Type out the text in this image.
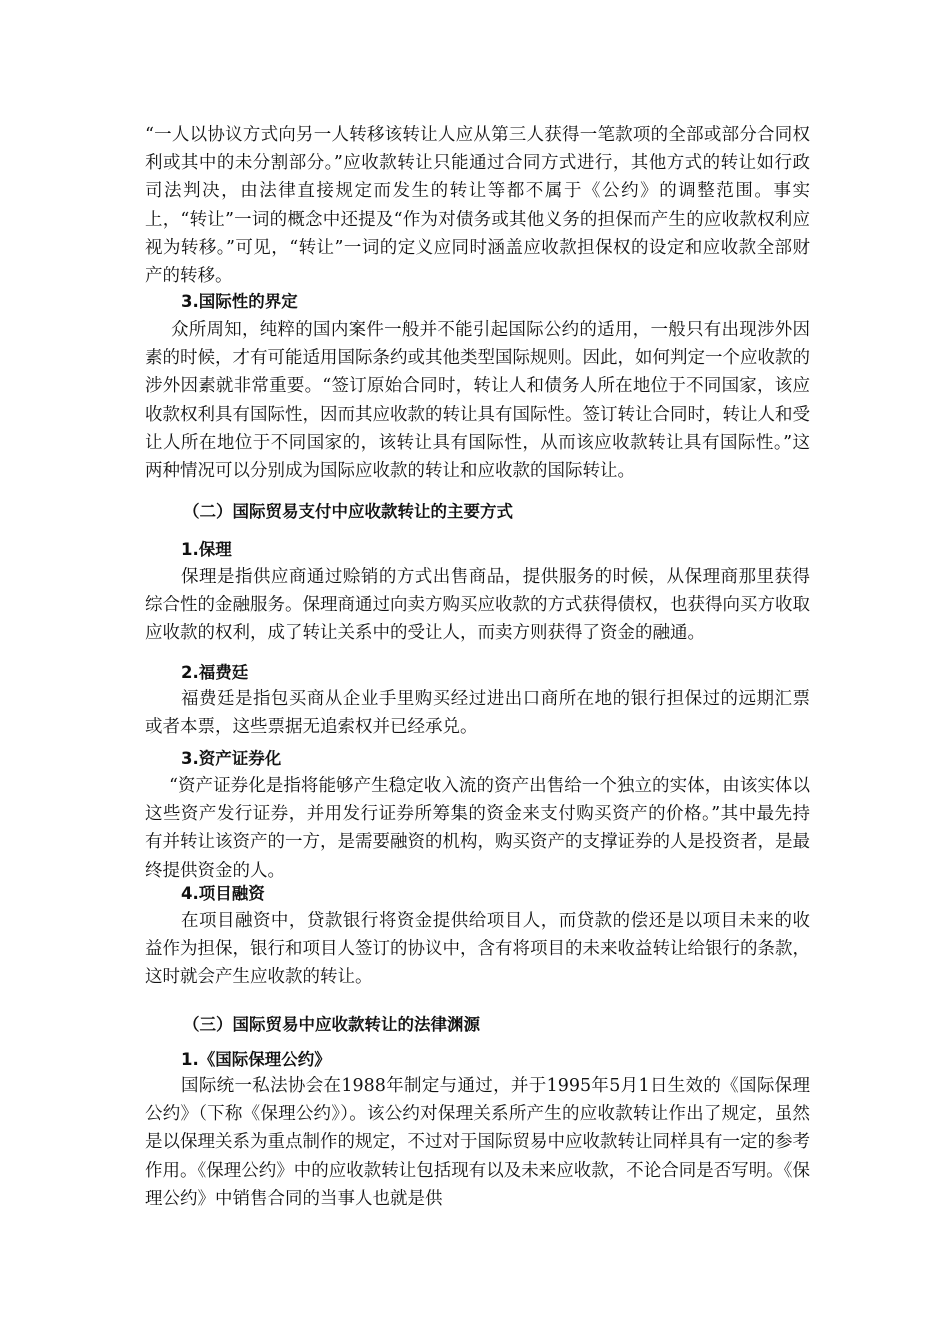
“一人以协议方式向另一人转移该转让人应从第三人获得一笔款项的全部或部分合同权利或其中的未分割部分。”应收款转让只能通过合同方式进行，其他方式的转让如行政司法判决，由法律直接规定而发生的转让等都不属于《公约》的调整范围。事实上，“转让”一词的概念中还提及“作为对债务或其他义务的担保而产生的应收款权利应视为转移。”可见，“转让”一词的定义应同时涵盖应收款担保权的设定和应收款全部财产的转移。

3.国际性的界定

众所周知，纯粹的国内案件一般并不能引起国际公约的适用，一般只有出现涉外因素的时候，才有可能适用国际条约或其他类型国际规则。因此，如何判定一个应收款的涉外因素就非常重要。“签订原始合同时，转让人和债务人所在地位于不同国家，该应收款权利具有国际性，因而其应收款的转让具有国际性。签订转让合同时，转让人和受让人所在地位于不同国家的，该转让具有国际性，从而该应收款转让具有国际性。”这两种情况可以分别成为国际应收款的转让和应收款的国际转让。

（二）国际贸易支付中应收款转让的主要方式
1.保理

保理是指供应商通过赊销的方式出售商品，提供服务的时候，从保理商那里获得综合性的金融服务。保理商通过向卖方购买应收款的方式获得债权，也获得向买方收取应收款的权利，成了转让关系中的受让人，而卖方则获得了资金的融通。

2.福费廷

福费廷是指包买商从企业手里购买经过进出口商所在地的银行担保过的远期汇票或者本票，这些票据无追索权并已经承兑。

3.资产证券化

“资产证券化是指将能够产生稳定收入流的资产出售给一个独立的实体，由该实体以这些资产发行证券，并用发行证券所筹集的资金来支付购买资产的价格。”其中最先持有并转让该资产的一方，是需要融资的机构，购买资产的支撑证券的人是投资者，是最终提供资金的人。

4.项目融资

在项目融资中，贷款银行将资金提供给项目人，而贷款的偿还是以项目未来的收益作为担保，银行和项目人签订的协议中，含有将项目的未来收益转让给银行的条款，这时就会产生应收款的转让。

（三）国际贸易中应收款转让的法律渊源
1.《国际保理公约》

国际统一私法协会在1988年制定与通过，并于1995年5月1日生效的《国际保理公约》（下称《保理公约》）。该公约对保理关系所产生的应收款转让作出了规定，虽然是以保理关系为重点制作的规定，不过对于国际贸易中应收款转让同样具有一定的参考作用。《保理公约》中的应收款转让包括现有以及未来应收款，不论合同是否写明。《保理公约》中销售合同的当事人也就是供
